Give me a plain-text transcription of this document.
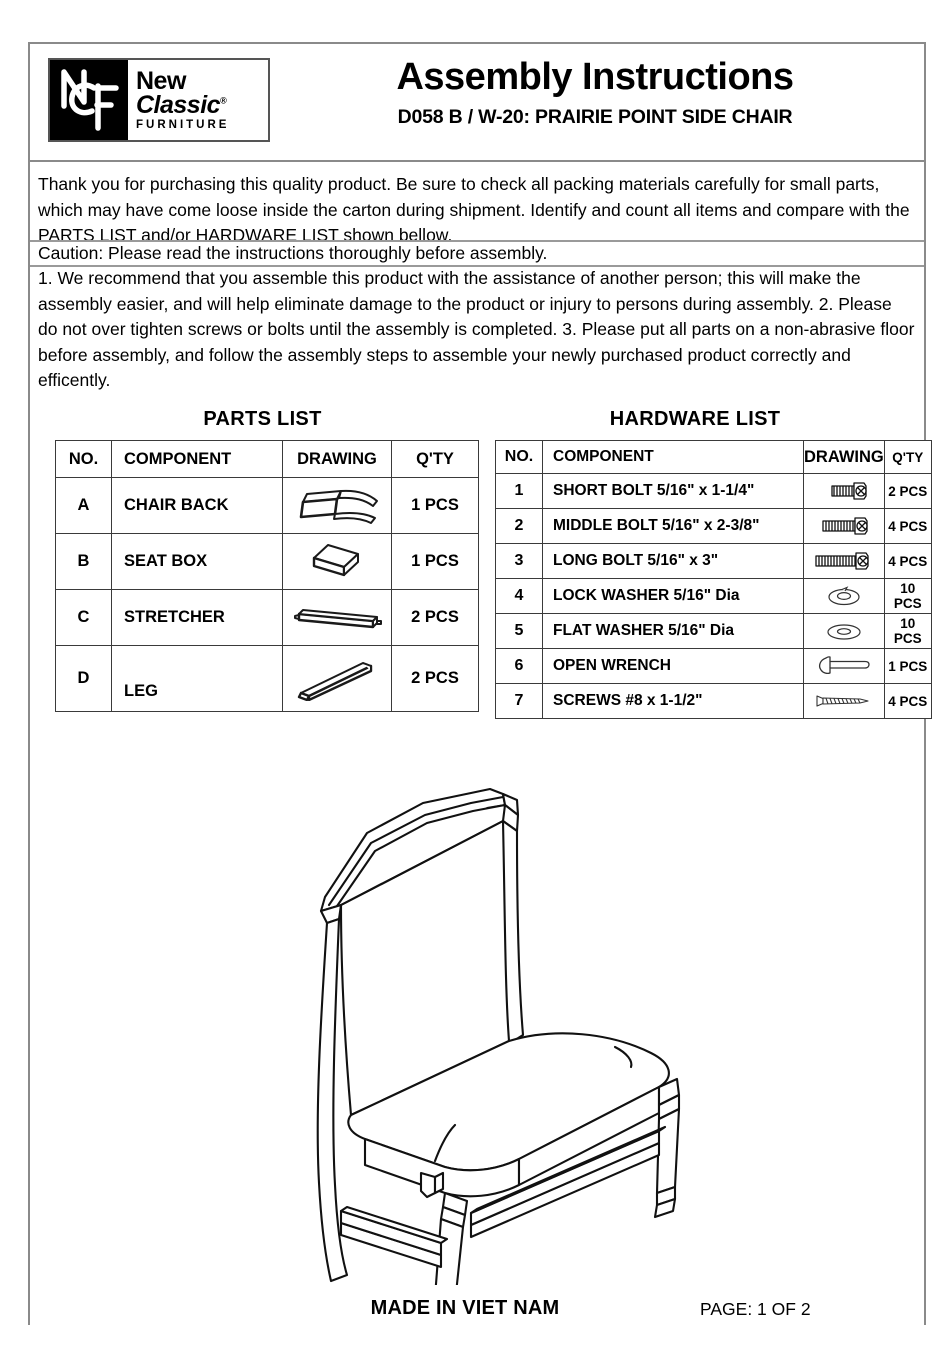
New
Classic®
FURNITURE
Assembly Instructions
D058 B / W-20: PRAIRIE POINT SIDE CHAIR
Thank you for purchasing this quality product. Be sure to check all packing materials carefully for small parts, which may have come loose inside the carton during shipment. Identify and count all items and compare with the PARTS LIST and/or HARDWARE LIST shown bellow.
Caution: Please read the instructions thoroughly before assembly.
1. We recommend that you assemble this product with the assistance of another person; this will make the assembly easier, and will help eliminate damage to the product or injury to persons during assembly. 2. Please do not over tighten screws or bolts until the assembly is completed. 3. Please put all parts on a non-abrasive floor before assembly, and follow the assembly steps to assemble your newly purchased product correctly and efficently.
PARTS LIST
NO.	COMPONENT	DRAWING	Q'TY
A	CHAIR BACK		1 PCS
B	SEAT BOX		1 PCS
C	STRETCHER		2 PCS
D	LEG		2 PCS
HARDWARE LIST
NO.	COMPONENT	DRAWING	Q'TY
1	SHORT BOLT 5/16" x 1-1/4"		2 PCS
2	MIDDLE BOLT 5/16" x 2-3/8"		4 PCS
3	LONG BOLT 5/16" x 3"		4 PCS
4	LOCK WASHER 5/16" Dia		10 PCS
5	FLAT WASHER 5/16" Dia		10 PCS
6	OPEN WRENCH		1 PCS
7	SCREWS #8 x 1-1/2"		4 PCS
MADE IN VIET NAM	PAGE: 1 OF 2
